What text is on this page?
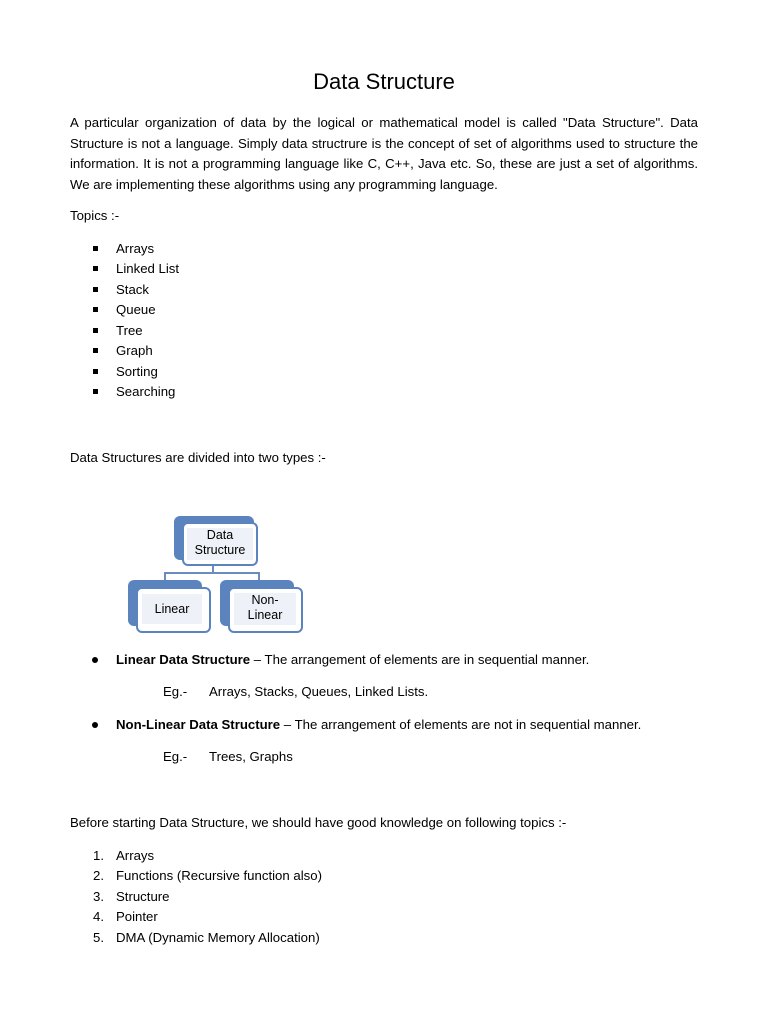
Data Structure

A particular organization of data by the logical or mathematical model is called "Data Structure". Data Structure is not a language. Simply data structrure is the concept of set of algorithms used to structure the information. It is not a programming language like C, C++, Java etc. So, these are just a set of algorithms. We are implementing these algorithms using any programming language.

Topics :-
Arrays
Linked List
Stack
Queue
Tree
Graph
Sorting
Searching
Data Structures are divided into two types :-
Data
Structure
Linear
Non-
Linear
Linear Data Structure – The arrangement of elements are in sequential manner.
Eg.- Arrays, Stacks, Queues, Linked Lists.
Non-Linear Data Structure – The arrangement of elements are not in sequential manner.
Eg.- Trees, Graphs
Before starting Data Structure, we should have good knowledge on following topics :-
1. Arrays
2. Functions (Recursive function also)
3. Structure
4. Pointer
5. DMA (Dynamic Memory Allocation)
